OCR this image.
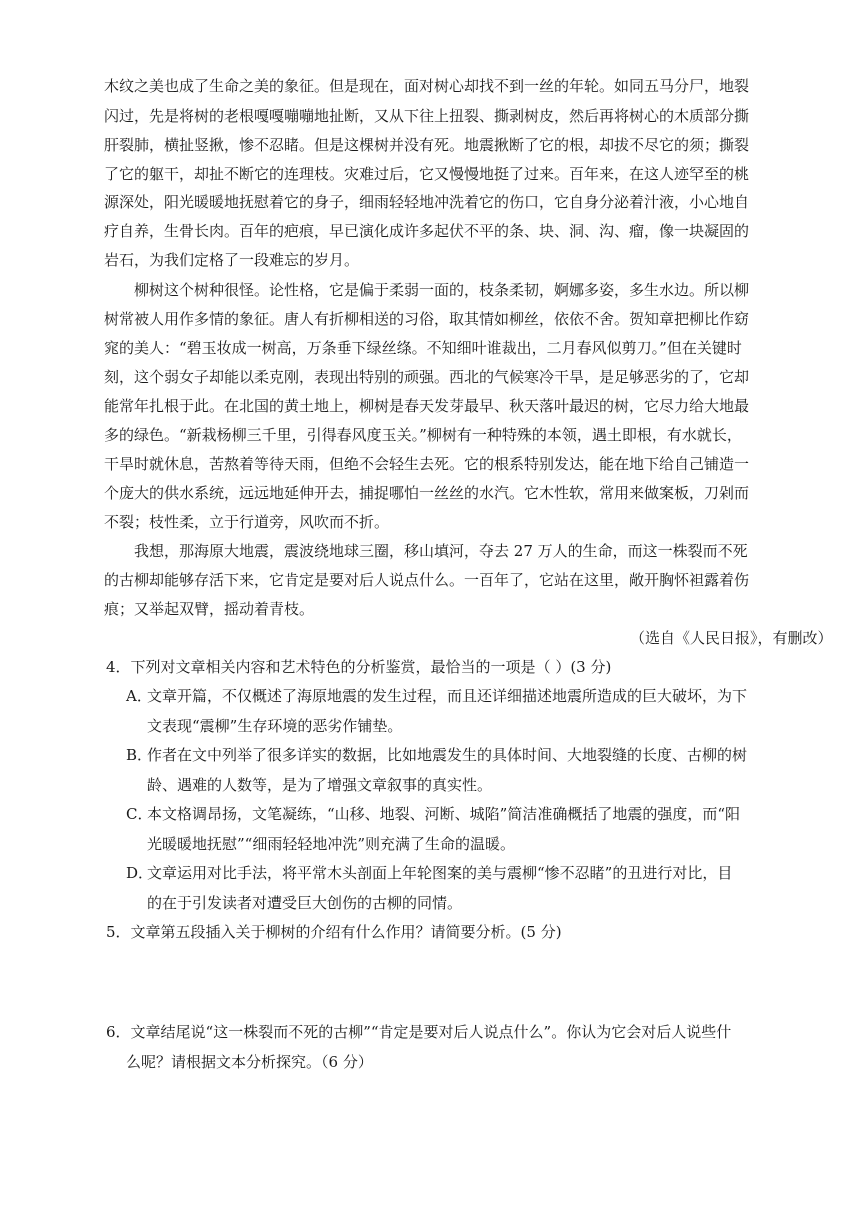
木纹之美也成了生命之美的象征。但是现在，面对树心却找不到一丝的年轮。如同五马分尸，地裂
闪过，先是将树的老根嘎嘎嘣嘣地扯断，又从下往上扭裂、撕剥树皮，然后再将树心的木质部分撕
肝裂肺，横扯竖揪，惨不忍睹。但是这棵树并没有死。地震揪断了它的根，却拔不尽它的须；撕裂
了它的躯干，却扯不断它的连理枝。灾难过后，它又慢慢地挺了过来。百年来，在这人迹罕至的桃
源深处，阳光暖暖地抚慰着它的身子，细雨轻轻地冲洗着它的伤口，它自身分泌着汁液，小心地自
疗自养，生骨长肉。百年的疤痕，早已演化成许多起伏不平的条、块、洞、沟、瘤，像一块凝固的
岩石，为我们定格了一段难忘的岁月。
柳树这个树种很怪。论性格，它是偏于柔弱一面的，枝条柔韧，婀娜多姿，多生水边。所以柳
树常被人用作多情的象征。唐人有折柳相送的习俗，取其情如柳丝，依依不舍。贺知章把柳比作窈
窕的美人：“碧玉妆成一树高，万条垂下绿丝绦。不知细叶谁裁出，二月春风似剪刀。”但在关键时
刻，这个弱女子却能以柔克刚，表现出特别的顽强。西北的气候寒冷干旱，是足够恶劣的了，它却
能常年扎根于此。在北国的黄土地上，柳树是春天发芽最早、秋天落叶最迟的树，它尽力给大地最
多的绿色。“新栽杨柳三千里，引得春风度玉关。”柳树有一种特殊的本领，遇土即根，有水就长，
干旱时就休息，苦熬着等待天雨，但绝不会轻生去死。它的根系特别发达，能在地下给自己铺造一
个庞大的供水系统，远远地延伸开去，捕捉哪怕一丝丝的水汽。它木性软，常用来做案板，刀剁而
不裂；枝性柔，立于行道旁，风吹而不折。
我想，那海原大地震，震波绕地球三圈，移山填河，夺去 27 万人的生命，而这一株裂而不死
的古柳却能够存活下来，它肯定是要对后人说点什么。一百年了，它站在这里，敞开胸怀袒露着伤
痕；又举起双臂，摇动着青枝。
（选自《人民日报》，有删改）
4．下列对文章相关内容和艺术特色的分析鉴赏，最恰当的一项是（ ）(3 分)
A．
文章开篇，不仅概述了海原地震的发生过程，而且还详细描述地震所造成的巨大破坏，为下
文表现“震柳”生存环境的恶劣作铺垫。
B．
作者在文中列举了很多详实的数据，比如地震发生的具体时间、大地裂缝的长度、古柳的树
龄、遇难的人数等，是为了增强文章叙事的真实性。
C．
本文格调昂扬，文笔凝练，“山移、地裂、河断、城陷”简洁准确概括了地震的强度，而“阳
光暖暖地抚慰”“细雨轻轻地冲洗”则充满了生命的温暖。
D．
文章运用对比手法，将平常木头剖面上年轮图案的美与震柳“惨不忍睹”的丑进行对比，目
的在于引发读者对遭受巨大创伤的古柳的同情。
5．文章第五段插入关于柳树的介绍有什么作用？请简要分析。(5 分)
6．文章结尾说“这一株裂而不死的古柳”“肯定是要对后人说点什么”。你认为它会对后人说些什
么呢？请根据文本分析探究。（6 分）
